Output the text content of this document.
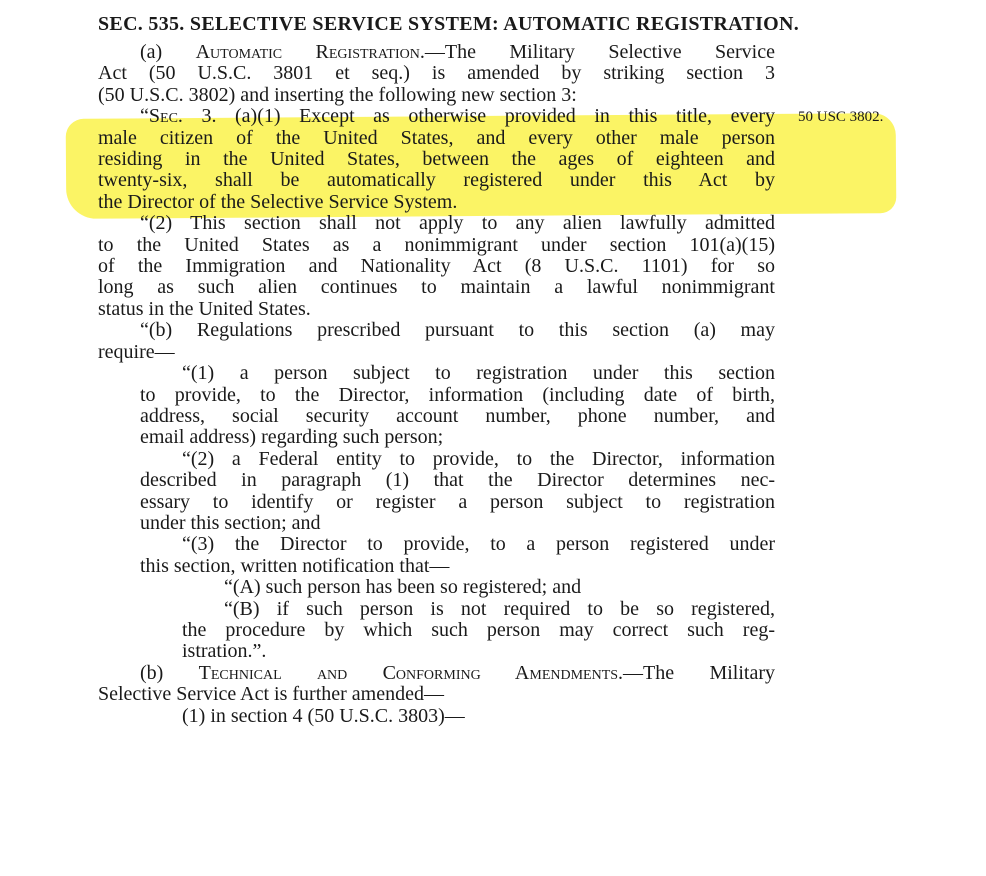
SEC. 535. SELECTIVE SERVICE SYSTEM: AUTOMATIC REGISTRATION.
50 USC 3802.
(a) Automatic Registration.—The Military Selective Service
Act (50 U.S.C. 3801 et seq.) is amended by striking section 3
(50 U.S.C. 3802) and inserting the following new section 3:
“Sec. 3. (a)(1) Except as otherwise provided in this title, every
male citizen of the United States, and every other male person
residing in the United States, between the ages of eighteen and
twenty-six, shall be automatically registered under this Act by
the Director of the Selective Service System.
“(2) This section shall not apply to any alien lawfully admitted
to the United States as a nonimmigrant under section 101(a)(15)
of the Immigration and Nationality Act (8 U.S.C. 1101) for so
long as such alien continues to maintain a lawful nonimmigrant
status in the United States.
“(b) Regulations prescribed pursuant to this section (a) may
require—
“(1) a person subject to registration under this section
to provide, to the Director, information (including date of birth,
address, social security account number, phone number, and
email address) regarding such person;
“(2) a Federal entity to provide, to the Director, information
described in paragraph (1) that the Director determines nec-
essary to identify or register a person subject to registration
under this section; and
“(3) the Director to provide, to a person registered under
this section, written notification that—
“(A) such person has been so registered; and
“(B) if such person is not required to be so registered,
the procedure by which such person may correct such reg-
istration.”.
(b) Technical and Conforming Amendments.—The Military
Selective Service Act is further amended—
(1) in section 4 (50 U.S.C. 3803)—
